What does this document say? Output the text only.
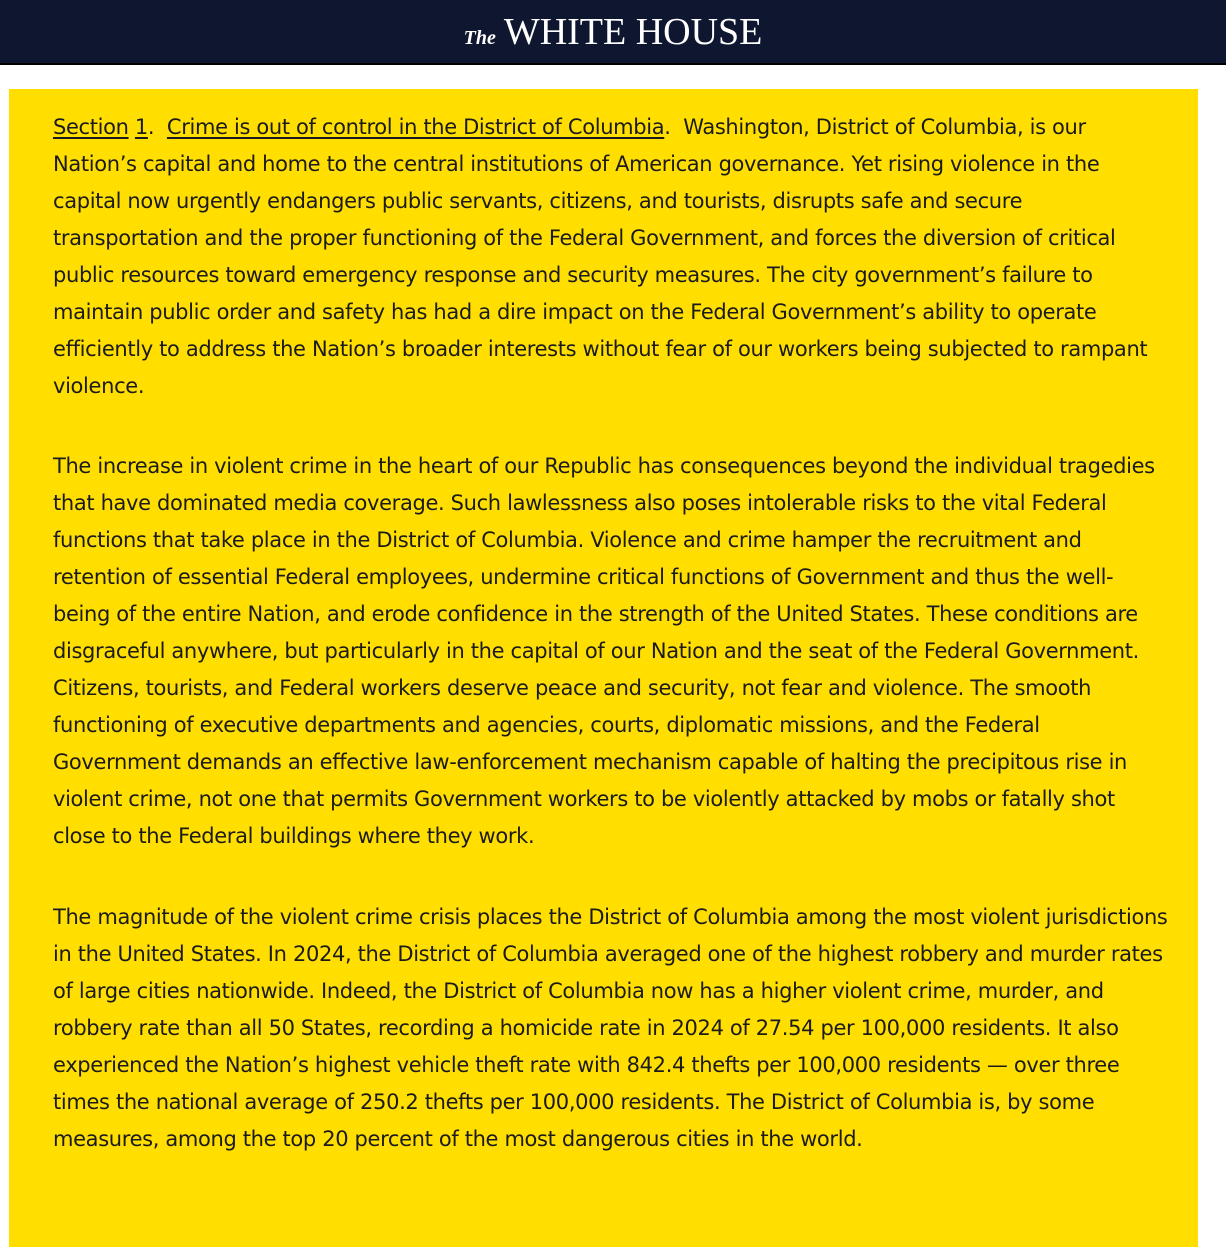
The WHITE HOUSE

Section 1.  Crime is out of control in the District of Columbia.  Washington, District of Columbia, is our Nation’s capital and home to the central institutions of American governance. Yet rising violence in the capital now urgently endangers public servants, citizens, and tourists, disrupts safe and secure transportation and the proper functioning of the Federal Government, and forces the diversion of critical public resources toward emergency response and security measures. The city government’s failure to maintain public order and safety has had a dire impact on the Federal Government’s ability to operate efficiently to address the Nation’s broader interests without fear of our workers being subjected to rampant violence.

The increase in violent crime in the heart of our Republic has consequences beyond the individual tragedies that have dominated media coverage. Such lawlessness also poses intolerable risks to the vital Federal functions that take place in the District of Columbia. Violence and crime hamper the recruitment and retention of essential Federal employees, undermine critical functions of Government and thus the well-being of the entire Nation, and erode confidence in the strength of the United States. These conditions are disgraceful anywhere, but particularly in the capital of our Nation and the seat of the Federal Government. Citizens, tourists, and Federal workers deserve peace and security, not fear and violence. The smooth functioning of executive departments and agencies, courts, diplomatic missions, and the Federal Government demands an effective law-enforcement mechanism capable of halting the precipitous rise in violent crime, not one that permits Government workers to be violently attacked by mobs or fatally shot close to the Federal buildings where they work.

The magnitude of the violent crime crisis places the District of Columbia among the most violent jurisdictions in the United States. In 2024, the District of Columbia averaged one of the highest robbery and murder rates of large cities nationwide. Indeed, the District of Columbia now has a higher violent crime, murder, and robbery rate than all 50 States, recording a homicide rate in 2024 of 27.54 per 100,000 residents. It also experienced the Nation’s highest vehicle theft rate with 842.4 thefts per 100,000 residents — over three times the national average of 250.2 thefts per 100,000 residents. The District of Columbia is, by some measures, among the top 20 percent of the most dangerous cities in the world.
